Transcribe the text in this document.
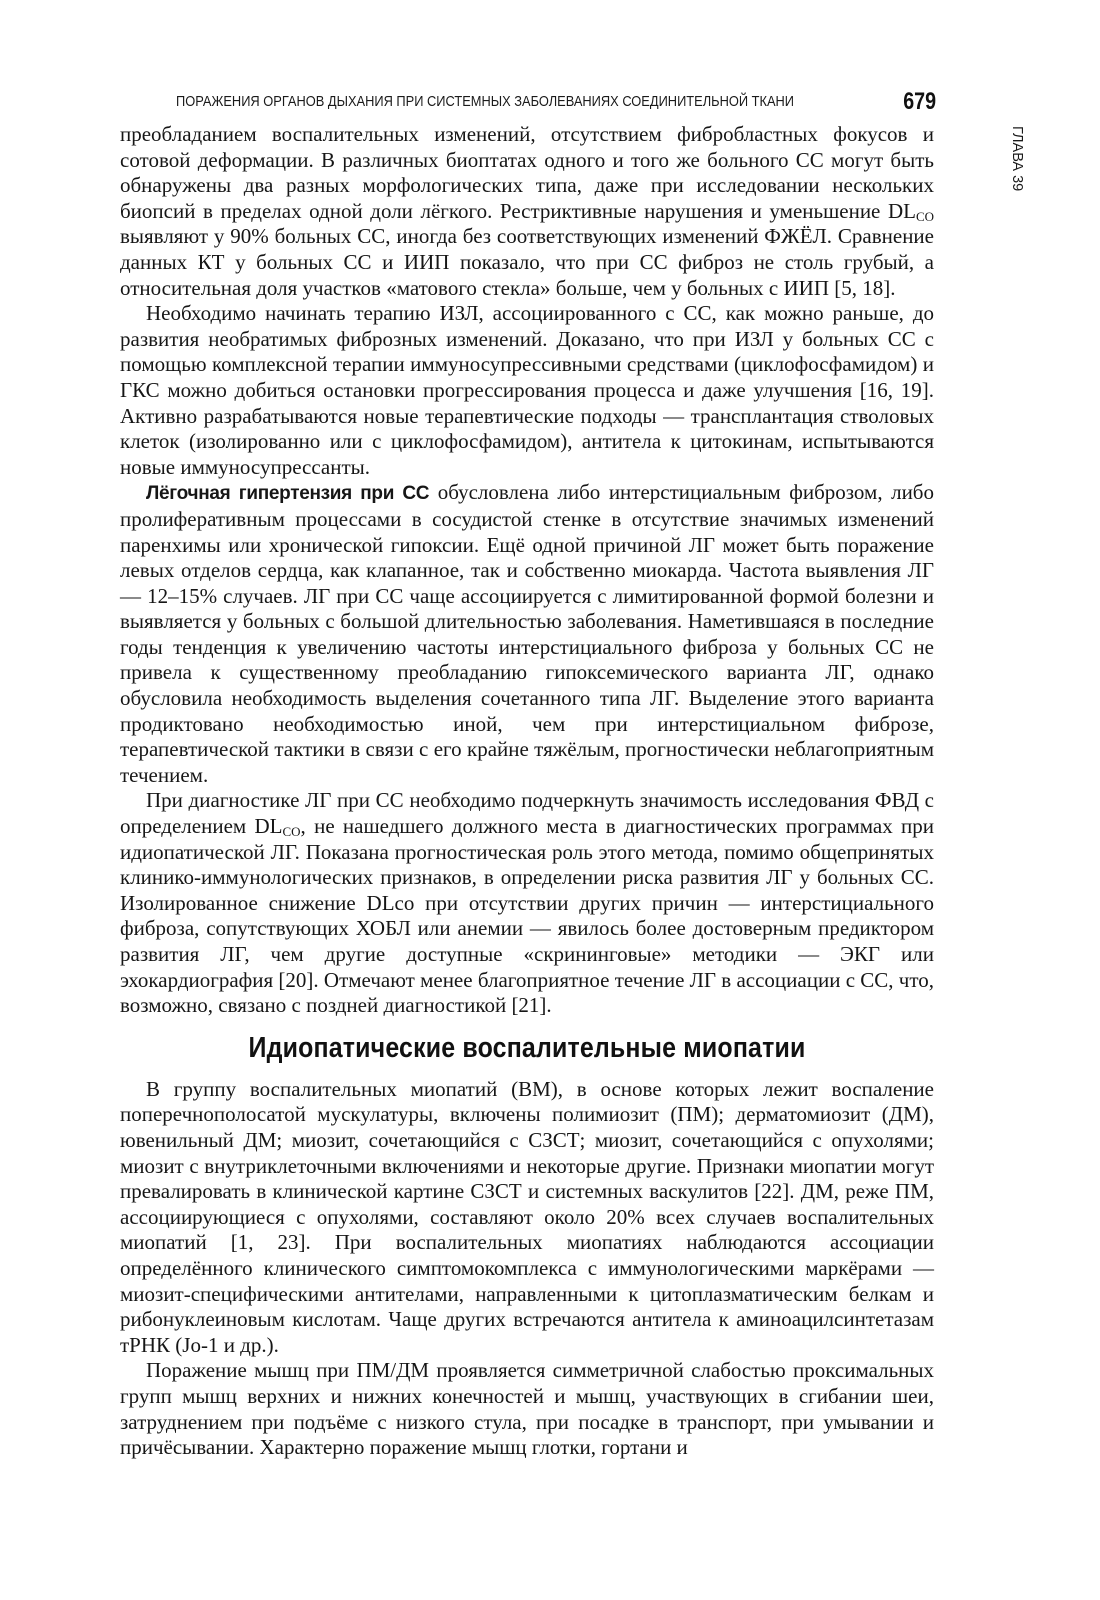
ПОРАЖЕНИЯ ОРГАНОВ ДЫХАНИЯ ПРИ СИСТЕМНЫХ ЗАБОЛЕВАНИЯХ СОЕДИНИТЕЛЬНОЙ ТКАНИ	679
ГЛАВА 39

преобладанием воспалительных изменений, отсутствием фибробластных фокусов и сотовой деформации. В различных биоптатах одного и того же больного СС могут быть обнаружены два разных морфологических типа, даже при исследовании нескольких биопсий в пределах одной доли лёгкого. Рестриктивные нарушения и уменьшение $DL_{CO}$ выявляют у 90% больных СС, иногда без соответствующих изменений ФЖЁЛ. Сравнение данных КТ у больных СС и ИИП показало, что при СС фиброз не столь грубый, а относительная доля участков «матового стекла» больше, чем у больных с ИИП [5, 18].

Необходимо начинать терапию ИЗЛ, ассоциированного с СС, как можно раньше, до развития необратимых фиброзных изменений. Доказано, что при ИЗЛ у больных СС с помощью комплексной терапии иммуносупрессивными средствами (циклофосфамидом) и ГКС можно добиться остановки прогрессирования процесса и даже улучшения [16, 19]. Активно разрабатываются новые терапевтические подходы — трансплантация стволовых клеток (изолированно или с циклофосфамидом), антитела к цитокинам, испытываются новые иммуносупрессанты.

Лёгочная гипертензия при СС обусловлена либо интерстициальным фиброзом, либо пролиферативным процессами в сосудистой стенке в отсутствие значимых изменений паренхимы или хронической гипоксии. Ещё одной причиной ЛГ может быть поражение левых отделов сердца, как клапанное, так и собственно миокарда. Частота выявления ЛГ — 12–15% случаев. ЛГ при СС чаще ассоциируется с лимитированной формой болезни и выявляется у больных с большой длительностью заболевания. Наметившаяся в последние годы тенденция к увеличению частоты интерстициального фиброза у больных СС не привела к существенному преобладанию гипоксемического варианта ЛГ, однако обусловила необходимость выделения сочетанного типа ЛГ. Выделение этого варианта продиктовано необходимостью иной, чем при интерстициальном фиброзе, терапевтической тактики в связи с его крайне тяжёлым, прогностически неблагоприятным течением.

При диагностике ЛГ при СС необходимо подчеркнуть значимость исследования ФВД с определением $DL_{CO}$, не нашедшего должного места в диагностических программах при идиопатической ЛГ. Показана прогностическая роль этого метода, помимо общепринятых клинико-иммунологических признаков, в определении риска развития ЛГ у больных СС. Изолированное снижение DLco при отсутствии других причин — интерстициального фиброза, сопутствующих ХОБЛ или анемии — явилось более достоверным предиктором развития ЛГ, чем другие доступные «скрининговые» методики — ЭКГ или эхокардиография [20]. Отмечают менее благоприятное течение ЛГ в ассоциации с СС, что, возможно, связано с поздней диагностикой [21].

Идиопатические воспалительные миопатии

В группу воспалительных миопатий (ВМ), в основе которых лежит воспаление поперечнополосатой мускулатуры, включены полимиозит (ПМ); дерматомиозит (ДМ), ювенильный ДМ; миозит, сочетающийся с СЗСТ; миозит, сочетающийся с опухолями; миозит с внутриклеточными включениями и некоторые другие. Признаки миопатии могут превалировать в клинической картине СЗСТ и системных васкулитов [22]. ДМ, реже ПМ, ассоциирующиеся с опухолями, составляют около 20% всех случаев воспалительных миопатий [1, 23]. При воспалительных миопатиях наблюдаются ассоциации определённого клинического симптомокомплекса с иммунологическими маркёрами — миозит-специфическими антителами, направленными к цитоплазматическим белкам и рибонуклеиновым кислотам. Чаще других встречаются антитела к аминоацилсинтетазам тРНК (Jo-1 и др.).

Поражение мышц при ПМ/ДМ проявляется симметричной слабостью проксимальных групп мышц верхних и нижних конечностей и мышц, участвующих в сгибании шеи, затруднением при подъёме с низкого стула, при посадке в транспорт, при умывании и причёсывании. Характерно поражение мышц глотки, гортани и
